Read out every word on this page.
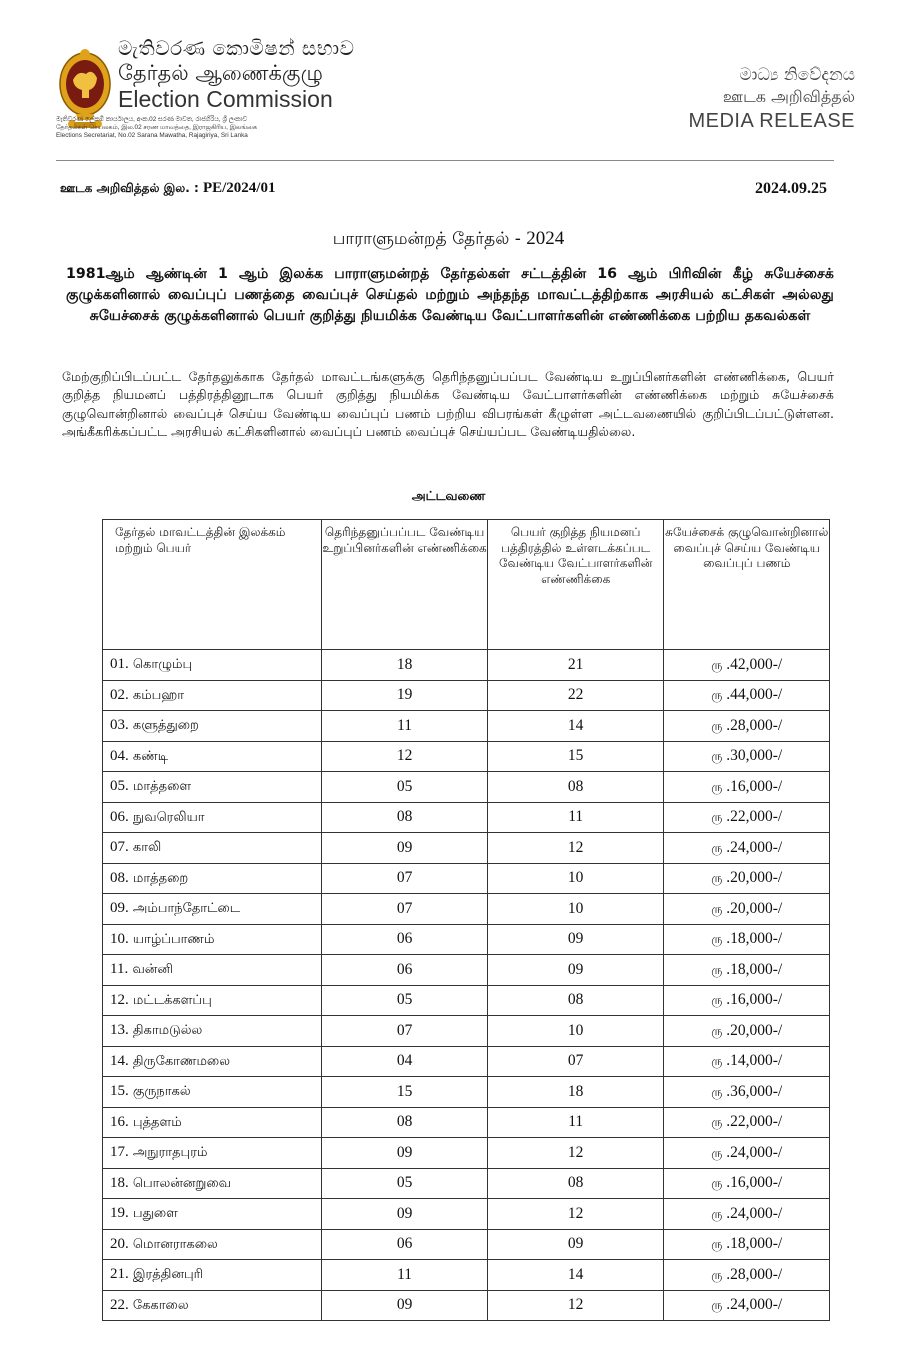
මැතිවරණ කොමිෂන් සභාව
தேர்தல் ஆணைக்குழு
Election Commission
මැතිවරණ ලේකම් කාර්යාලය, අංක.02 සරණ මාවත, රාජගිරිය, ශ්‍රී ලංකාව
தேர்தல்கள் செயலகம், இல.02 சரண மாவத்தை, இராஜகிரிய, இலங்கை
Elections Secretariat, No.02 Sarana Mawatha, Rajagiriya, Sri Lanka
මාධ්‍ය නිවේදනය
ஊடக அறிவித்தல்
MEDIA RELEASE
ஊடக அறிவித்தல் இல. : PE/2024/01	2024.09.25
பாராளுமன்றத் தேர்தல் - 2024
1981ஆம் ஆண்டின் 1 ஆம் இலக்க பாராளுமன்றத் தேர்தல்கள் சட்டத்தின் 16 ஆம் பிரிவின் கீழ் சுயேச்சைக் குழுக்களினால் வைப்புப் பணத்தை வைப்புச் செய்தல் மற்றும் அந்தந்த மாவட்டத்திற்காக அரசியல் கட்சிகள் அல்லது சுயேச்சைக் குழுக்களினால் பெயர் குறித்து நியமிக்க வேண்டிய வேட்பாளர்களின் எண்ணிக்கை பற்றிய தகவல்கள்
மேற்குறிப்பிடப்பட்ட தேர்தலுக்காக தேர்தல் மாவட்டங்களுக்கு தெரிந்தனுப்பப்பட வேண்டிய உறுப்பினர்களின் எண்ணிக்கை, பெயர் குறித்த நியமனப் பத்திரத்தினூடாக பெயர் குறித்து நியமிக்க வேண்டிய வேட்பாளர்களின் எண்ணிக்கை மற்றும் சுயேச்சைக் குழுவொன்றினால் வைப்புச் செய்ய வேண்டிய வைப்புப் பணம் பற்றிய விபரங்கள் கீழுள்ள அட்டவணையில் குறிப்பிடப்பட்டுள்ளன. அங்கீகரிக்கப்பட்ட அரசியல் கட்சிகளினால் வைப்புப் பணம் வைப்புச் செய்யப்பட வேண்டியதில்லை.
அட்டவணை
தேர்தல் மாவட்டத்தின் இலக்கம் மற்றும் பெயர்	தெரிந்தனுப்பப்பட வேண்டிய உறுப்பினர்களின் எண்ணிக்கை	பெயர் குறித்த நியமனப் பத்திரத்தில் உள்ளடக்கப்பட வேண்டிய வேட்பாளர்களின் எண்ணிக்கை	சுயேச்சைக் குழுவொன்றினால் வைப்புச் செய்ய வேண்டிய வைப்புப் பணம்
01. கொழும்பு	18	21	ரு .42,000-/
02. கம்பஹா	19	22	ரு .44,000-/
03. களுத்துறை	11	14	ரு .28,000-/
04. கண்டி	12	15	ரு .30,000-/
05. மாத்தளை	05	08	ரு .16,000-/
06. நுவரெலியா	08	11	ரு .22,000-/
07. காலி	09	12	ரு .24,000-/
08. மாத்தறை	07	10	ரு .20,000-/
09. அம்பாந்தோட்டை	07	10	ரு .20,000-/
10. யாழ்ப்பாணம்	06	09	ரு .18,000-/
11. வன்னி	06	09	ரு .18,000-/
12. மட்டக்களப்பு	05	08	ரு .16,000-/
13. திகாமடுல்ல	07	10	ரு .20,000-/
14. திருகோணமலை	04	07	ரு .14,000-/
15. குருநாகல்	15	18	ரு .36,000-/
16. புத்தளம்	08	11	ரு .22,000-/
17. அநுராதபுரம்	09	12	ரு .24,000-/
18. பொலன்னறுவை	05	08	ரு .16,000-/
19. பதுளை	09	12	ரு .24,000-/
20. மொனராகலை	06	09	ரு .18,000-/
21. இரத்தினபுரி	11	14	ரு .28,000-/
22. கேகாலை	09	12	ரு .24,000-/
